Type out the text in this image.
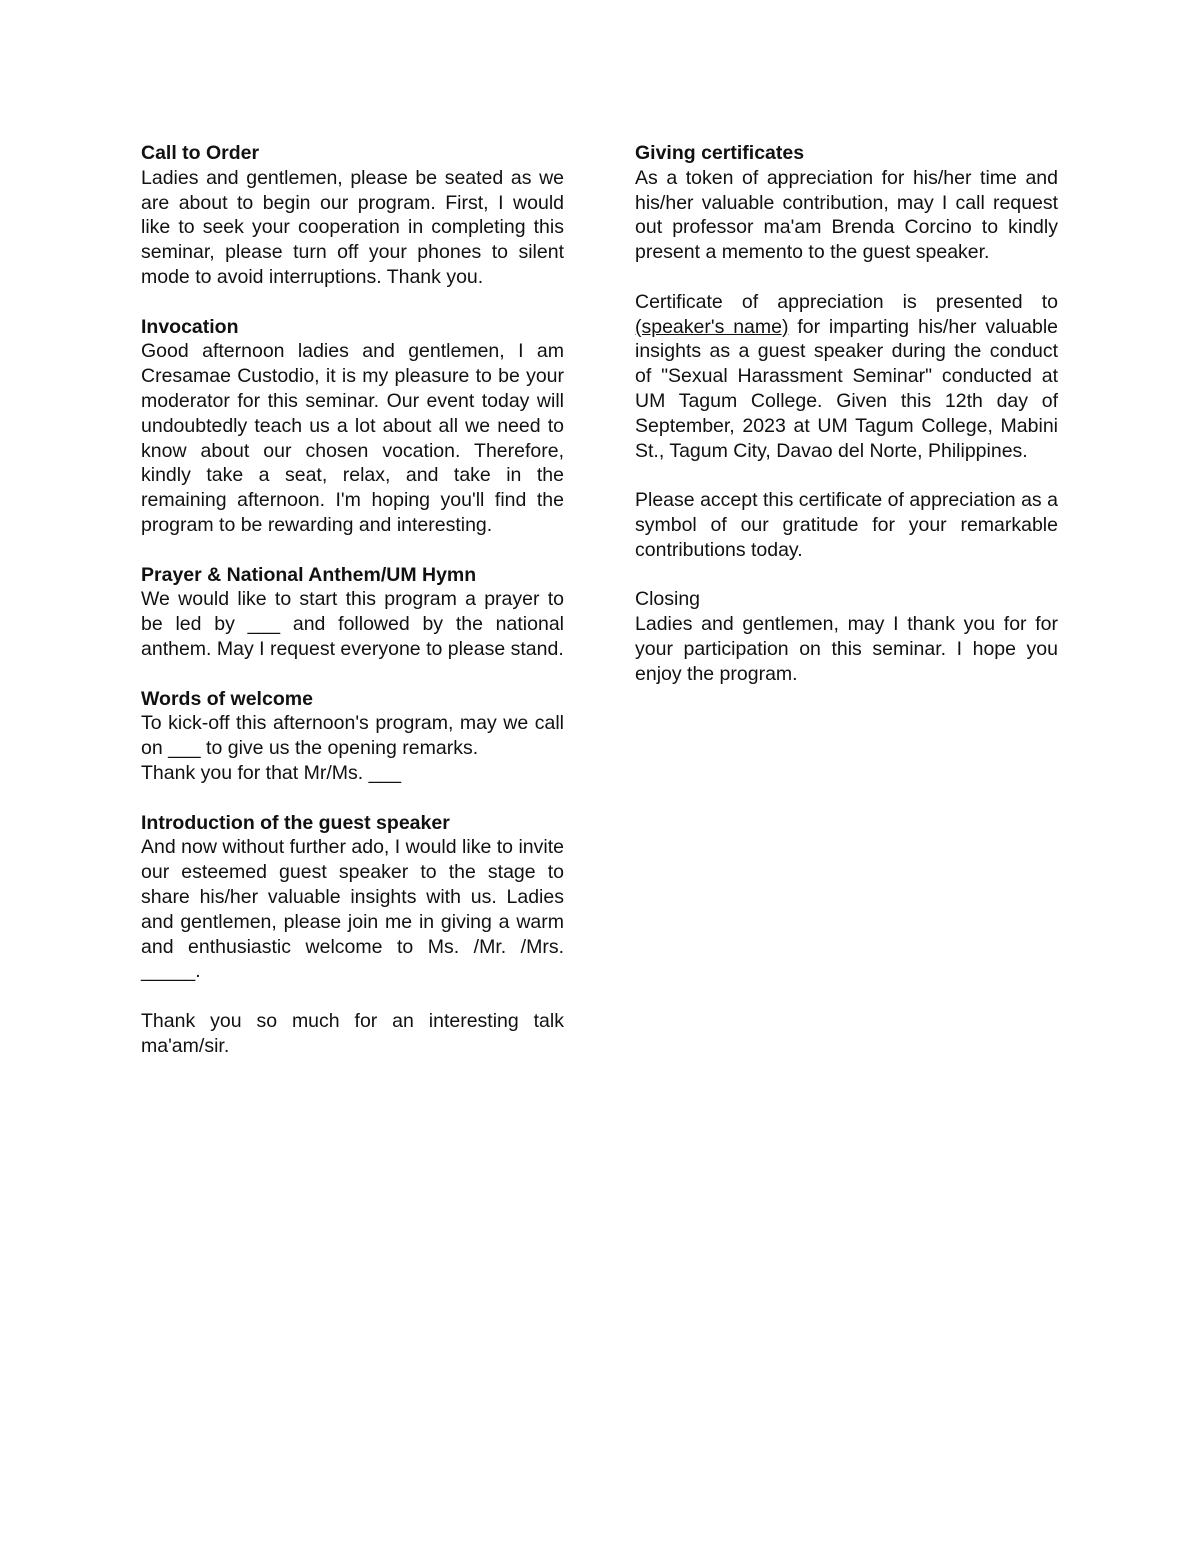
Call to Order

Ladies and gentlemen, please be seated as we are about to begin our program. First, I would like to seek your cooperation in completing this seminar, please turn off your phones to silent mode to avoid interruptions. Thank you.

Invocation

Good afternoon ladies and gentlemen, I am Cresamae Custodio, it is my pleasure to be your moderator for this seminar. Our event today will undoubtedly teach us a lot about all we need to know about our chosen vocation. Therefore, kindly take a seat, relax, and take in the remaining afternoon. I'm hoping you'll find the program to be rewarding and interesting.

Prayer & National Anthem/UM Hymn

We would like to start this program a prayer to be led by ___ and followed by the national anthem. May I request everyone to please stand.

Words of welcome

To kick-off this afternoon's program, may we call on ___ to give us the opening remarks.

Thank you for that Mr/Ms. ___

Introduction of the guest speaker

And now without further ado, I would like to invite our esteemed guest speaker to the stage to share his/her valuable insights with us. Ladies and gentlemen, please join me in giving a warm and enthusiastic welcome to Ms. /Mr. /Mrs. _____.

Thank you so much for an interesting talk ma'am/sir.

Giving certificates

As a token of appreciation for his/her time and his/her valuable contribution, may I call request out professor ma'am Brenda Corcino to kindly present a memento to the guest speaker.

Certificate of appreciation is presented to (speaker's name) for imparting his/her valuable insights as a guest speaker during the conduct of "Sexual Harassment Seminar" conducted at UM Tagum College. Given this 12th day of September, 2023 at UM Tagum College, Mabini St., Tagum City, Davao del Norte, Philippines.

Please accept this certificate of appreciation as a symbol of our gratitude for your remarkable contributions today.

Closing

Ladies and gentlemen, may I thank you for for your participation on this seminar. I hope you enjoy the program.
